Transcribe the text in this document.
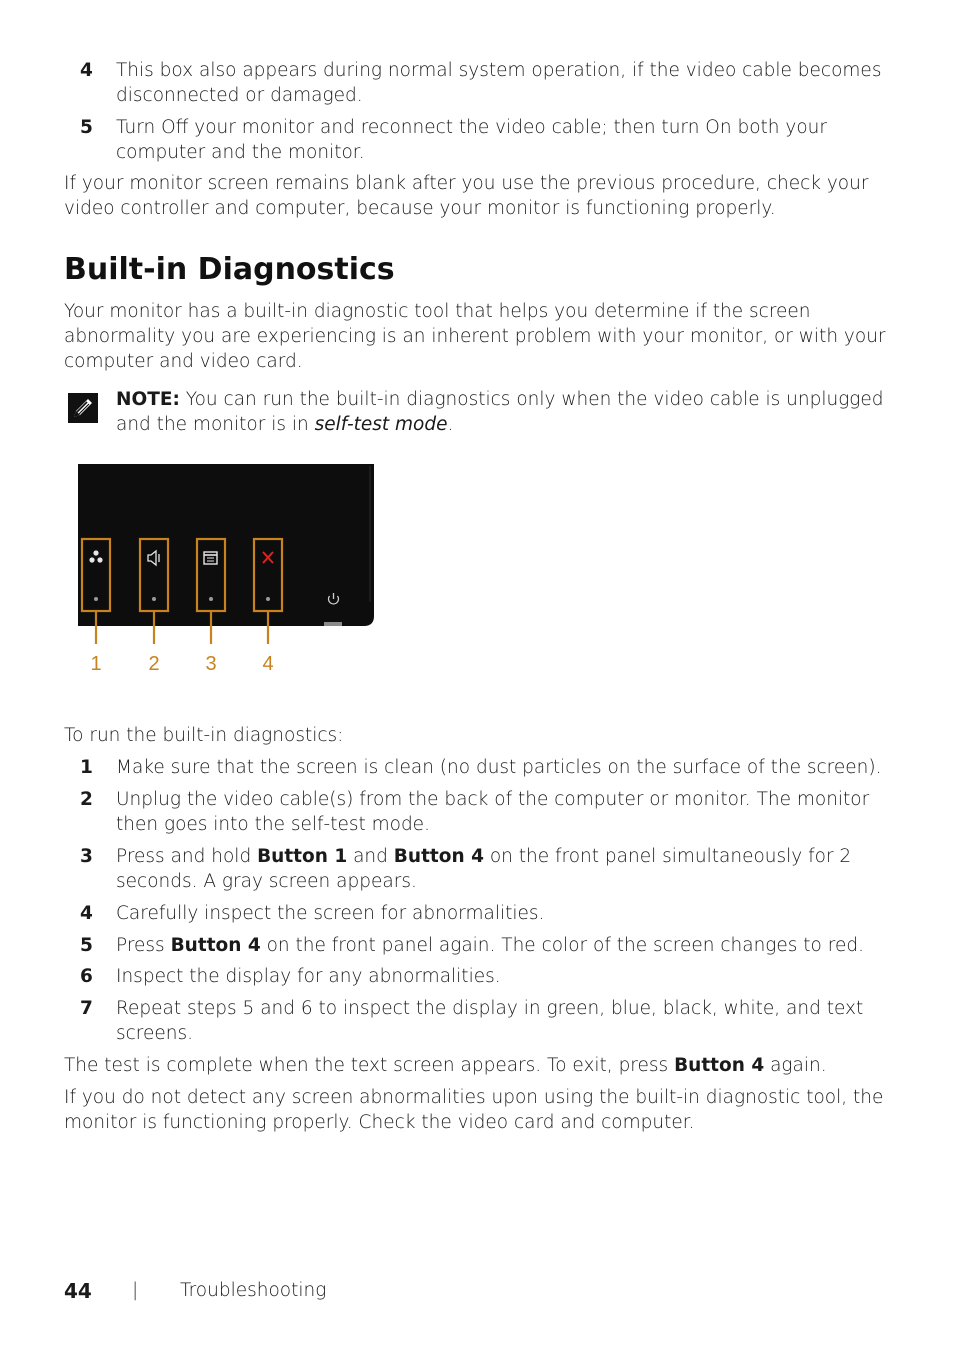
4 This box also appears during normal system operation, if the video cable becomes disconnected or damaged.
5 Turn Off your monitor and reconnect the video cable; then turn On both your computer and the monitor.
If your monitor screen remains blank after you use the previous procedure, check your video controller and computer, because your monitor is functioning properly.
Built-in Diagnostics
Your monitor has a built-in diagnostic tool that helps you determine if the screen abnormality you are experiencing is an inherent problem with your monitor, or with your computer and video card.
NOTE: You can run the built-in diagnostics only when the video cable is unplugged and the monitor is in self-test mode.
1 2 3 4
To run the built-in diagnostics:
1 Make sure that the screen is clean (no dust particles on the surface of the screen).
2 Unplug the video cable(s) from the back of the computer or monitor. The monitor then goes into the self-test mode.
3 Press and hold Button 1 and Button 4 on the front panel simultaneously for 2 seconds. A gray screen appears.
4 Carefully inspect the screen for abnormalities.
5 Press Button 4 on the front panel again. The color of the screen changes to red.
6 Inspect the display for any abnormalities.
7 Repeat steps 5 and 6 to inspect the display in green, blue, black, white, and text screens.
The test is complete when the text screen appears. To exit, press Button 4 again.
If you do not detect any screen abnormalities upon using the built-in diagnostic tool, the monitor is functioning properly. Check the video card and computer.
44 | Troubleshooting
